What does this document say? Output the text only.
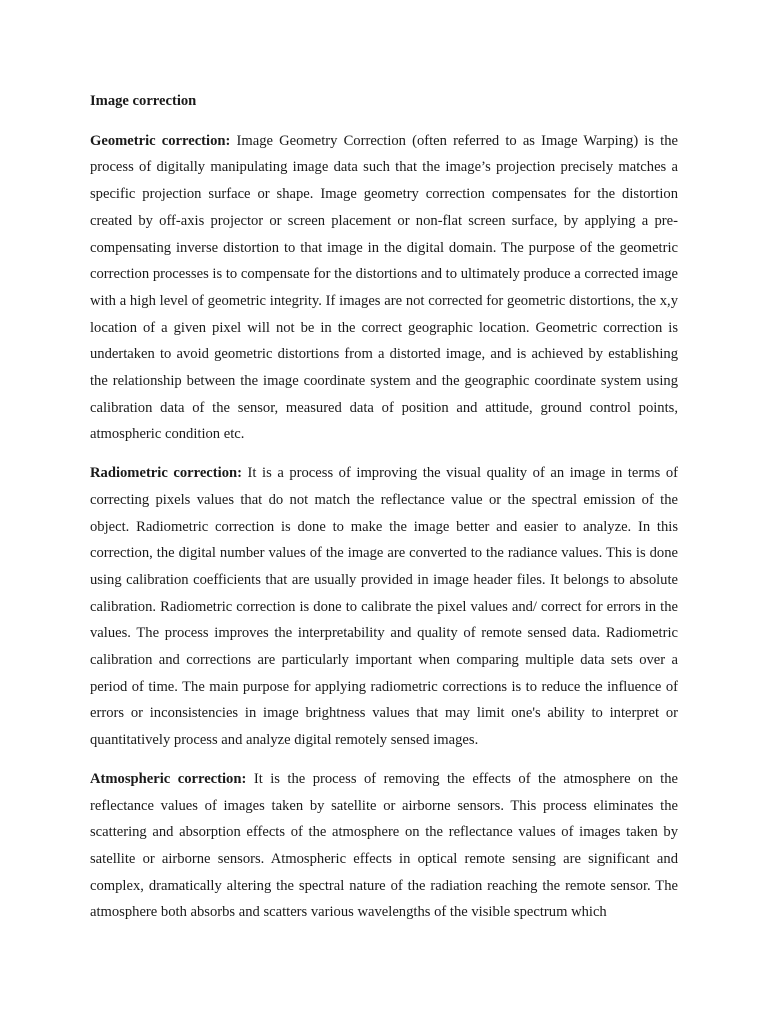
Image correction

Geometric correction: Image Geometry Correction (often referred to as Image Warping) is the process of digitally manipulating image data such that the image’s projection precisely matches a specific projection surface or shape. Image geometry correction compensates for the distortion created by off-axis projector or screen placement or non-flat screen surface, by applying a pre-compensating inverse distortion to that image in the digital domain. The purpose of the geometric correction processes is to compensate for the distortions and to ultimately produce a corrected image with a high level of geometric integrity. If images are not corrected for geometric distortions, the x,y location of a given pixel will not be in the correct geographic location. Geometric correction is undertaken to avoid geometric distortions from a distorted image, and is achieved by establishing the relationship between the image coordinate system and the geographic coordinate system using calibration data of the sensor, measured data of position and attitude, ground control points, atmospheric condition etc.

Radiometric correction: It is a process of improving the visual quality of an image in terms of correcting pixels values that do not match the reflectance value or the spectral emission of the object. Radiometric correction is done to make the image better and easier to analyze. In this correction, the digital number values of the image are converted to the radiance values. This is done using calibration coefficients that are usually provided in image header files. It belongs to absolute calibration. Radiometric correction is done to calibrate the pixel values and/ correct for errors in the values. The process improves the interpretability and quality of remote sensed data. Radiometric calibration and corrections are particularly important when comparing multiple data sets over a period of time. The main purpose for applying radiometric corrections is to reduce the influence of errors or inconsistencies in image brightness values that may limit one's ability to interpret or quantitatively process and analyze digital remotely sensed images.

Atmospheric correction: It is the process of removing the effects of the atmosphere on the reflectance values of images taken by satellite or airborne sensors. This process eliminates the scattering and absorption effects of the atmosphere on the reflectance values of images taken by satellite or airborne sensors. Atmospheric effects in optical remote sensing are significant and complex, dramatically altering the spectral nature of the radiation reaching the remote sensor. The atmosphere both absorbs and scatters various wavelengths of the visible spectrum which
